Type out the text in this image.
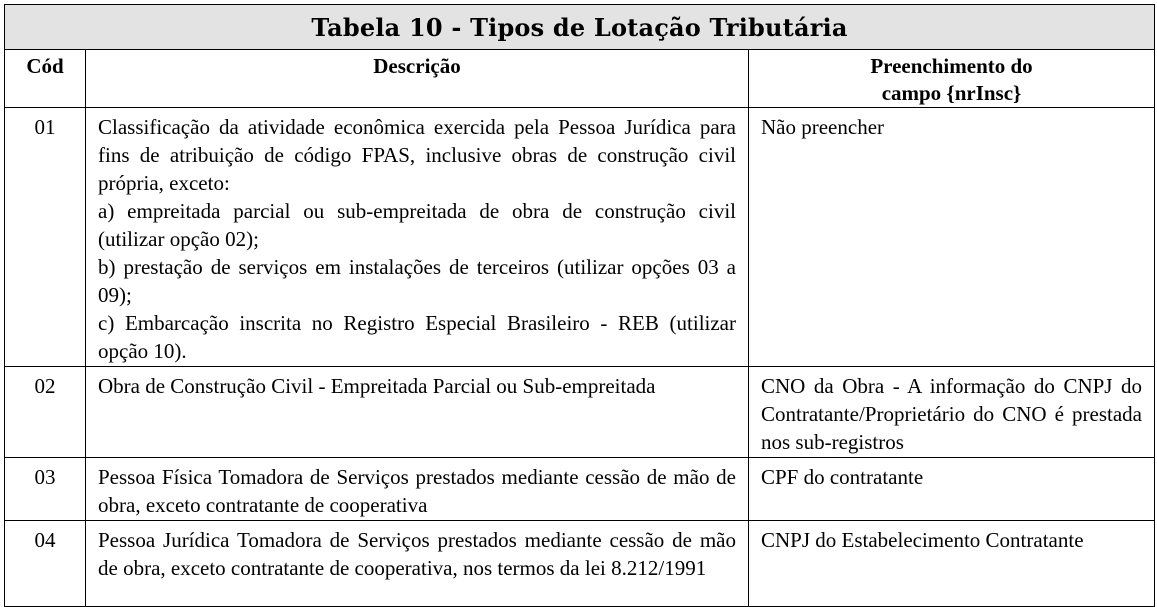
Tabela 10 - Tipos de Lotação Tributária		

Cód	Descrição	Preenchimento do
campo {nrInsc}

01	Classificação da atividade econômica exercida pela Pessoa Jurídica para fins de atribuição de código FPAS, inclusive obras de construção civil própria, exceto:
a) empreitada parcial ou sub-empreitada de obra de construção civil (utilizar opção 02);
b) prestação de serviços em instalações de terceiros (utilizar opções 03 a 09);
c) Embarcação inscrita no Registro Especial Brasileiro - REB (utilizar opção 10).	Não preencher

02	Obra de Construção Civil - Empreitada Parcial ou Sub-empreitada	CNO da Obra - A informação do CNPJ do Contratante/Proprietário do CNO é prestada nos sub-registros

03	Pessoa Física Tomadora de Serviços prestados mediante cessão de mão de obra, exceto contratante de cooperativa	CPF do contratante

04	Pessoa Jurídica Tomadora de Serviços prestados mediante cessão de mão de obra, exceto contratante de cooperativa, nos termos da lei 8.212/1991	CNPJ do Estabelecimento Contratante
